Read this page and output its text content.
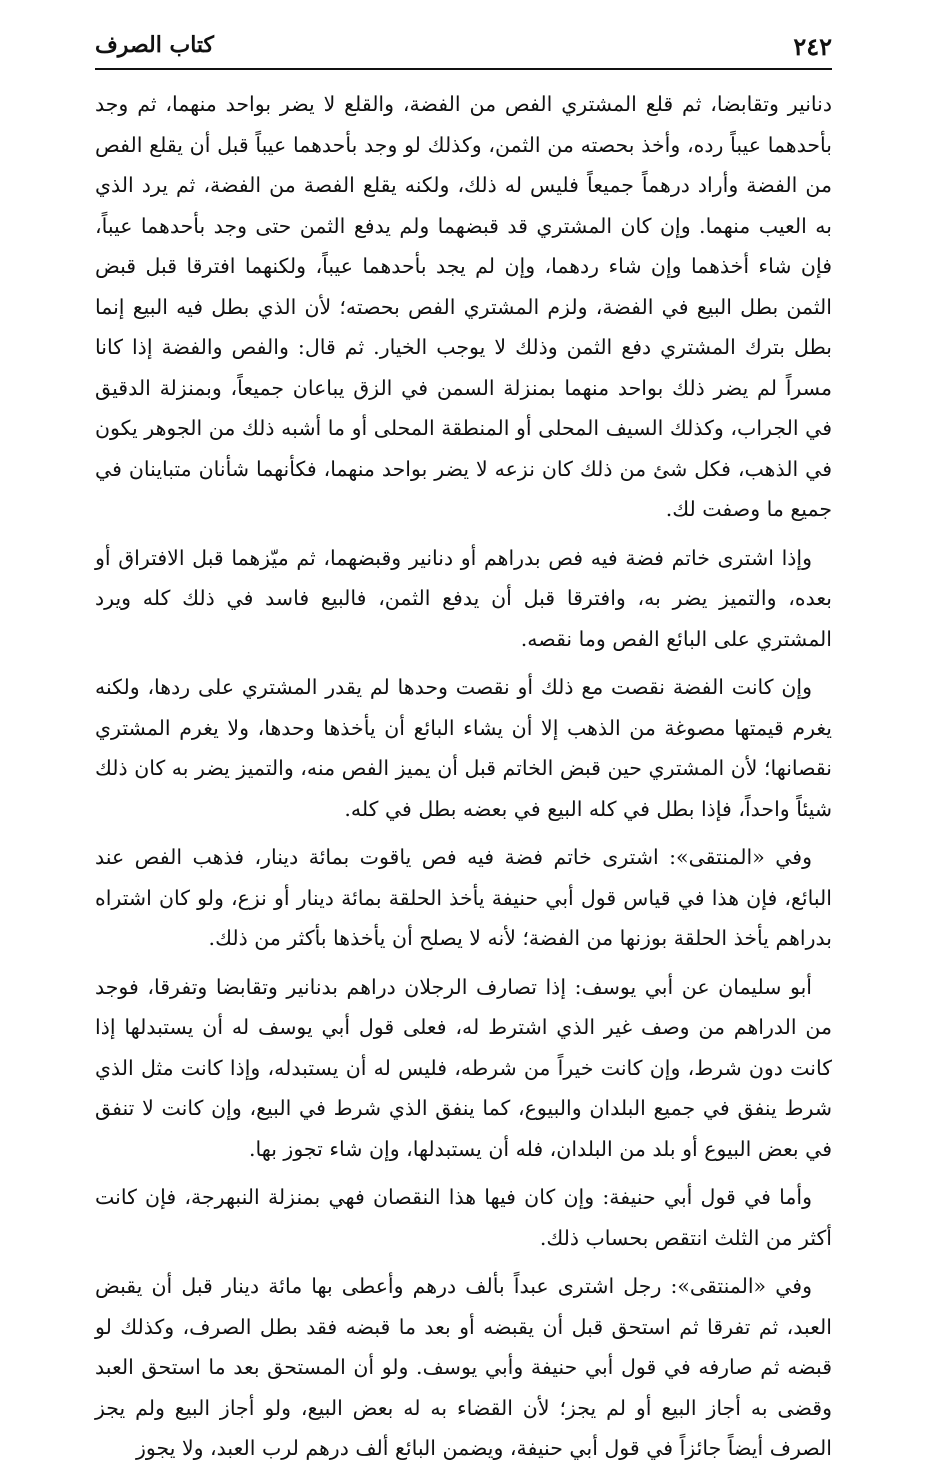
٢٤٢
كتاب الصرف

دنانير وتقابضا، ثم قلع المشتري الفص من الفضة، والقلع لا يضر بواحد منهما، ثم وجد بأحدهما عيباً رده، وأخذ بحصته من الثمن، وكذلك لو وجد بأحدهما عيباً قبل أن يقلع الفص من الفضة وأراد درهماً جميعاً فليس له ذلك، ولكنه يقلع الفصة من الفضة، ثم يرد الذي به العيب منهما. وإن كان المشتري قد قبضهما ولم يدفع الثمن حتى وجد بأحدهما عيباً، فإن شاء أخذهما وإن شاء ردهما، وإن لم يجد بأحدهما عيباً، ولكنهما افترقا قبل قبض الثمن بطل البيع في الفضة، ولزم المشتري الفص بحصته؛ لأن الذي بطل فيه البيع إنما بطل بترك المشتري دفع الثمن وذلك لا يوجب الخيار. ثم قال: والفص والفضة إذا كانا مسراً لم يضر ذلك بواحد منهما بمنزلة السمن في الزق يباعان جميعاً، وبمنزلة الدقيق في الجراب، وكذلك السيف المحلى أو المنطقة المحلى أو ما أشبه ذلك من الجوهر يكون في الذهب، فكل شئ من ذلك كان نزعه لا يضر بواحد منهما، فكأنهما شأنان متباينان في جميع ما وصفت لك.

وإذا اشترى خاتم فضة فيه فص بدراهم أو دنانير وقبضهما، ثم ميّزهما قبل الافتراق أو بعده، والتميز يضر به، وافترقا قبل أن يدفع الثمن، فالبيع فاسد في ذلك كله ويرد المشتري على البائع الفص وما نقصه.

وإن كانت الفضة نقصت مع ذلك أو نقصت وحدها لم يقدر المشتري على ردها، ولكنه يغرم قيمتها مصوغة من الذهب إلا أن يشاء البائع أن يأخذها وحدها، ولا يغرم المشتري نقصانها؛ لأن المشتري حين قبض الخاتم قبل أن يميز الفص منه، والتميز يضر به كان ذلك شيئاً واحداً، فإذا بطل في كله البيع في بعضه بطل في كله.

وفي «المنتقى»: اشترى خاتم فضة فيه فص ياقوت بمائة دينار، فذهب الفص عند البائع، فإن هذا في قياس قول أبي حنيفة يأخذ الحلقة بمائة دينار أو نزع، ولو كان اشتراه بدراهم يأخذ الحلقة بوزنها من الفضة؛ لأنه لا يصلح أن يأخذها بأكثر من ذلك.

أبو سليمان عن أبي يوسف: إذا تصارف الرجلان دراهم بدنانير وتقابضا وتفرقا، فوجد من الدراهم من وصف غير الذي اشترط له، فعلى قول أبي يوسف له أن يستبدلها إذا كانت دون شرط، وإن كانت خيراً من شرطه، فليس له أن يستبدله، وإذا كانت مثل الذي شرط ينفق في جميع البلدان والبيوع، كما ينفق الذي شرط في البيع، وإن كانت لا تنفق في بعض البيوع أو بلد من البلدان، فله أن يستبدلها، وإن شاء تجوز بها.

وأما في قول أبي حنيفة: وإن كان فيها هذا النقصان فهي بمنزلة النبهرجة، فإن كانت أكثر من الثلث انتقص بحساب ذلك.

وفي «المنتقى»: رجل اشترى عبداً بألف درهم وأعطى بها مائة دينار قبل أن يقبض العبد، ثم تفرقا ثم استحق قبل أن يقبضه أو بعد ما قبضه فقد بطل الصرف، وكذلك لو قبضه ثم صارفه في قول أبي حنيفة وأبي يوسف. ولو أن المستحق بعد ما استحق العبد وقضى به أجاز البيع أو لم يجز؛ لأن القضاء به له بعض البيع، ولو أجاز البيع ولم يجز الصرف أيضاً جائزاً في قول أبي حنيفة، ويضمن البائع ألف درهم لرب العبد، ولا يجوز
